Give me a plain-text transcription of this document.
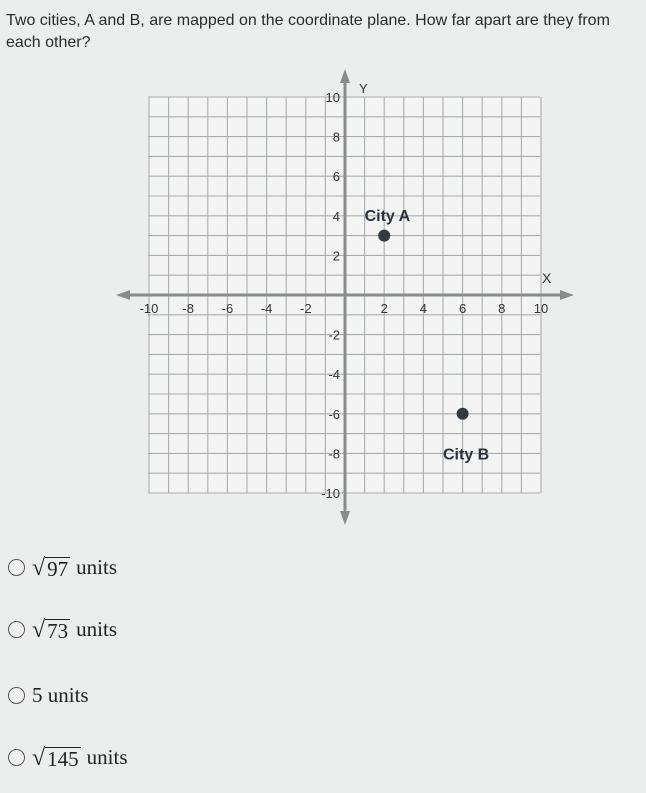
Two cities, A and B, are mapped on the coordinate plane. How far apart are they from each other?
Y
X
-10 -8 -6 -4 -2	2 4 6 8 10
10
8
6
4
2
-2
-4
-6
-8
-10
City A
City B
√ 97 units
√ 73 units
5 units
√ 145 units
